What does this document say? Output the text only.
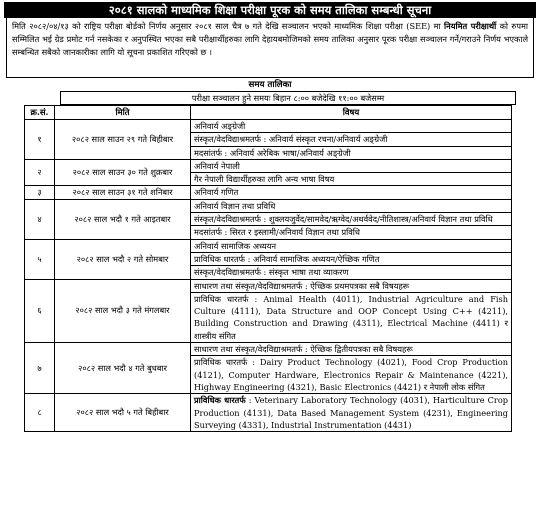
२०८१ सालको माध्यमिक शिक्षा परीक्षा पूरक को समय तालिका सम्बन्धी सूचना
मिति २०८२/०४/१३ को राष्ट्रिय परीक्षा बोर्डको निर्णय अनुसार २०८१ साल चैत्र ७ गते देखि सञ्चालन भएको माध्यमिक शिक्षा परीक्षा (SEE) मा नियमित परीक्षार्थी को रुपमा सम्मिलित भई ग्रेड प्रमोट गर्न नसकेका र अनुपस्थित भएका सबै परीक्षार्थीहरुका लागि देहायबमोजिमको समय तालिका अनुसार पूरक परीक्षा सञ्चालन गर्ने/गराउने निर्णय भएकाले सम्बन्धित सबैको जानकारीका लागि यो सूचना प्रकाशित गरिएको छ ।
समय तालिका
परीक्षा सञ्चालन हुने समयः बिहान ८:०० बजेदेखि ११:०० बजेसम्म
क्र.सं.	मिति	विषय
१	२०८२ साल साउन २९ गते बिहीबार	अनिवार्य अङ्ग्रेजी
		संस्कृत/वेदविद्याश्रमतर्फ : अनिवार्य संस्कृत रचना/अनिवार्य अङ्ग्रेजी
		मदसांतर्फ : अनिवार्य अरेबिक भाषा/अनिवार्य अङ्ग्रेजी
२	२०८२ साल साउन ३० गते शुक्रबार	अनिवार्य नेपाली
		गैर नेपाली विद्यार्थीहरुका लागि अन्य भाषा विषय
३	२०८२ साल साउन ३१ गते शनिबार	अनिवार्य गणित
४	२०८२ साल भदौ १ गते आइतबार	अनिवार्य विज्ञान तथा प्रविधि
		संस्कृत/वेदविद्याश्रमतर्फ : शुक्लयजुर्वेद/सामवेद/ऋग्वेद/अथर्ववेद/नीतिशास्त्र/अनिवार्य विज्ञान तथा प्रविधि
		मदसांतर्फ : सिरत र इस्लामी/अनिवार्य विज्ञान तथा प्रविधि
५	२०८२ साल भदौ २ गते सोमबार	अनिवार्य सामाजिक अध्ययन
		प्राविधिक धारतर्फ : अनिवार्य सामाजिक अध्ययन/ऐच्छिक गणित
		संस्कृत/वेदविद्याश्रमतर्फ : संस्कृत भाषा तथा व्याकरण
६	२०८२ साल भदौ ३ गते मंगलबार	साधारण तथा संस्कृत/वेदविद्याश्रमतर्फ : ऐच्छिक प्रथमपत्रका सबै विषयहरू
		प्राविधिक धारतर्फ : Animal Health (4011), Industrial Agriculture and Fish Culture (4111), Data Structure and OOP Concept Using C++ (4211), Building Construction and Drawing (4311), Electrical Machine (4411) र शास्त्रीय संगित
७	२०८२ साल भदौ ४ गते बुधबार	साधारण तथा संस्कृत/वेदविद्याश्रमतर्फ : ऐच्छिक द्वितीयपत्रका सबै विषयहरू
		प्राविधिक धारतर्फ : Dairy Product Technology (4021), Food Crop Production (4121), Computer Hardware, Electronics Repair & Maintenance (4221), Highway Engineering (4321), Basic Electronics (4421) र नेपाली लोक संगित
८	२०८२ साल भदौ ५ गते बिहीबार	प्राविधिक धारतर्फ : Veterinary Laboratory Technology (4031), Harticulture Crop Production (4131), Data Based Management System (4231), Engineering Surveying (4331), Industrial Instrumentation (4431)
